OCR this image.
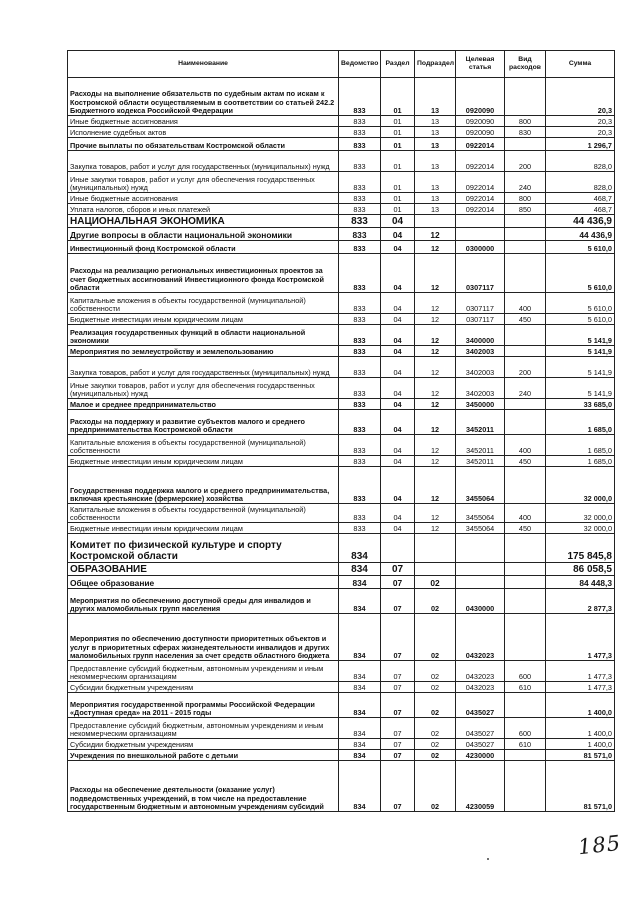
Наименование	Ведомство	Раздел	Подраздел	Целевая статья	Вид расходов	Сумма
Расходы на выполнение обязательств по судебным актам по искам к Костромской области осуществляемым в соответствии со статьей 242.2 Бюджетного кодекса Российской Федерации	833	01	13	0920090		20,3
Иные бюджетные ассигнования	833	01	13	0920090	800	20,3
Исполнение судебных актов	833	01	13	0920090	830	20,3
Прочие выплаты по обязательствам Костромской области	833	01	13	0922014		1 296,7
Закупка товаров, работ и услуг для государственных (муниципальных) нужд	833	01	13	0922014	200	828,0
Иные закупки товаров, работ и услуг для обеспечения государственных (муниципальных) нужд	833	01	13	0922014	240	828,0
Иные бюджетные ассигнования	833	01	13	0922014	800	468,7
Уплата налогов, сборов и иных платежей	833	01	13	0922014	850	468,7
НАЦИОНАЛЬНАЯ ЭКОНОМИКА	833	04				44 436,9
Другие вопросы в области национальной экономики	833	04	12			44 436,9
Инвестиционный фонд Костромской области	833	04	12	0300000		5 610,0
Расходы на реализацию региональных инвестиционных проектов за счет бюджетных ассигнований Инвестиционного фонда Костромской области	833	04	12	0307117		5 610,0
Капитальные вложения в объекты государственной (муниципальной) собственности	833	04	12	0307117	400	5 610,0
Бюджетные инвестиции иным юридическим лицам	833	04	12	0307117	450	5 610,0
Реализация государственных функций в области национальной экономики	833	04	12	3400000		5 141,9
Мероприятия по землеустройству и землепользованию	833	04	12	3402003		5 141,9
Закупка товаров, работ и услуг для государственных (муниципальных) нужд	833	04	12	3402003	200	5 141,9
Иные закупки товаров, работ и услуг для обеспечения государственных (муниципальных) нужд	833	04	12	3402003	240	5 141,9
Малое и среднее предпринимательство	833	04	12	3450000		33 685,0
Расходы на поддержку и развитие субъектов малого и среднего предпринимательства Костромской области	833	04	12	3452011		1 685,0
Капитальные вложения в объекты государственной (муниципальной) собственности	833	04	12	3452011	400	1 685,0
Бюджетные инвестиции иным юридическим лицам	833	04	12	3452011	450	1 685,0
Государственная поддержка малого и среднего предпринимательства, включая крестьянские (фермерские) хозяйства	833	04	12	3455064		32 000,0
Капитальные вложения в объекты государственной (муниципальной) собственности	833	04	12	3455064	400	32 000,0
Бюджетные инвестиции иным юридическим лицам	833	04	12	3455064	450	32 000,0
Комитет по физической культуре и спорту Костромской области	834					175 845,8
ОБРАЗОВАНИЕ	834	07				86 058,5
Общее образование	834	07	02			84 448,3
Мероприятия по обеспечению доступной среды для инвалидов и других маломобильных групп населения	834	07	02	0430000		2 877,3
Мероприятия по обеспечению доступности приоритетных объектов и услуг в приоритетных сферах жизнедеятельности инвалидов и других маломобильных групп населения за счет средств областного бюджета	834	07	02	0432023		1 477,3
Предоставление субсидий бюджетным, автономным учреждениям и иным некоммерческим организациям	834	07	02	0432023	600	1 477,3
Субсидии бюджетным учреждениям	834	07	02	0432023	610	1 477,3
Мероприятия государственной программы Российской Федерации «Доступная среда» на 2011 - 2015 годы	834	07	02	0435027		1 400,0
Предоставление субсидий бюджетным, автономным учреждениям и иным некоммерческим организациям	834	07	02	0435027	600	1 400,0
Субсидии бюджетным учреждениям	834	07	02	0435027	610	1 400,0
Учреждения по внешкольной работе с детьми	834	07	02	4230000		81 571,0
Расходы на обеспечение деятельности (оказание услуг) подведомственных учреждений, в том числе на предоставление государственным бюджетным и автономным учреждениям субсидий	834	07	02	4230059		81 571,0
185
